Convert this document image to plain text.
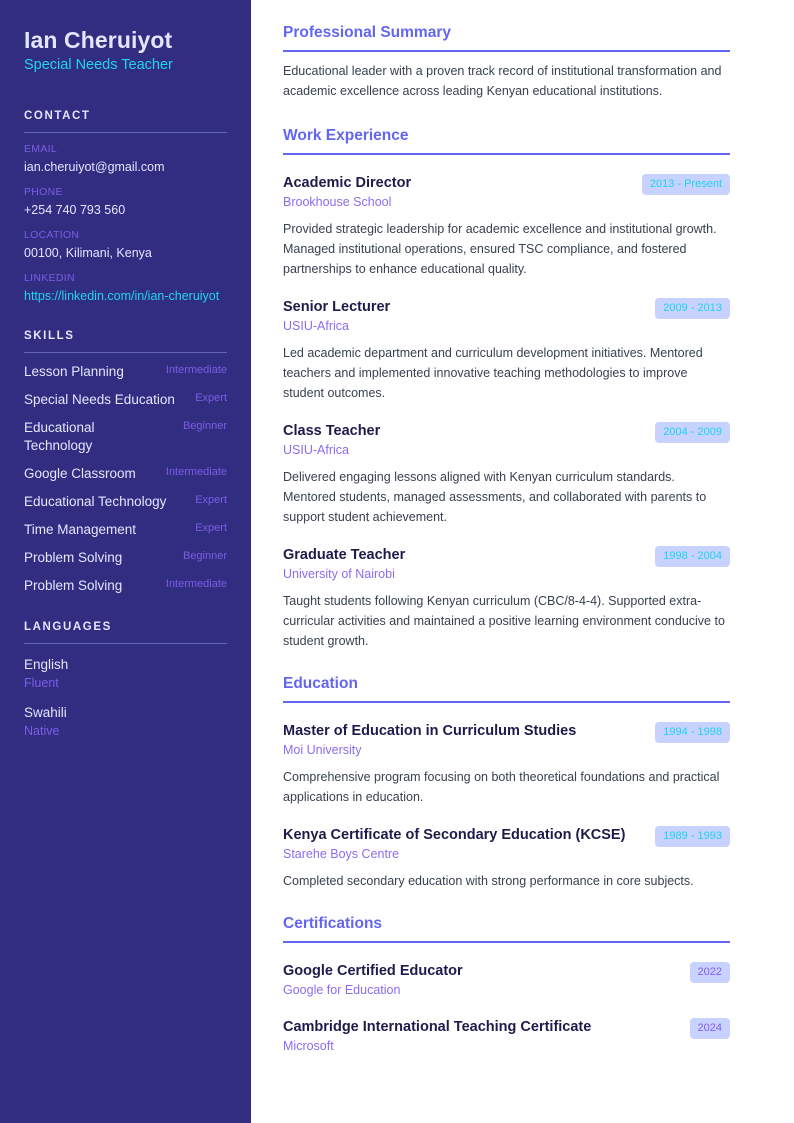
Ian Cheruiyot
Special Needs Teacher
CONTACT
EMAIL
ian.cheruiyot@gmail.com
PHONE
+254 740 793 560
LOCATION
00100, Kilimani, Kenya
LINKEDIN
https://linkedin.com/in/ian-cheruiyot
SKILLS
Lesson Planning	Intermediate
Special Needs Education Expert
Educational Technology
Beginner
Google Classroom	Intermediate
Educational Technology	Expert
Time Management	Expert
Problem Solving	Beginner
Problem Solving	Intermediate
LANGUAGES
English
Fluent
Swahili
Native
Professional Summary

Educational leader with a proven track record of institutional transformation and academic excellence across leading Kenyan educational institutions.

Work Experience
Academic Director
Brookhouse School
2013 - Present

Provided strategic leadership for academic excellence and institutional growth. Managed institutional operations, ensured TSC compliance, and fostered partnerships to enhance educational quality.

Senior Lecturer
USIU-Africa
2009 - 2013

Led academic department and curriculum development initiatives. Mentored teachers and implemented innovative teaching methodologies to improve student outcomes.

Class Teacher
USIU-Africa
2004 - 2009

Delivered engaging lessons aligned with Kenyan curriculum standards. Mentored students, managed assessments, and collaborated with parents to support student achievement.

Graduate Teacher
University of Nairobi
1998 - 2004

Taught students following Kenyan curriculum (CBC/8-4-4). Supported extra-curricular activities and maintained a positive learning environment conducive to student growth.

Education
Master of Education in Curriculum Studies
Moi University
1994 - 1998

Comprehensive program focusing on both theoretical foundations and practical applications in education.

Kenya Certificate of Secondary Education (KCSE)
Starehe Boys Centre
1989 - 1993

Completed secondary education with strong performance in core subjects.

Certifications
Google Certified Educator
Google for Education
2022
Cambridge International Teaching Certificate
Microsoft
2024
